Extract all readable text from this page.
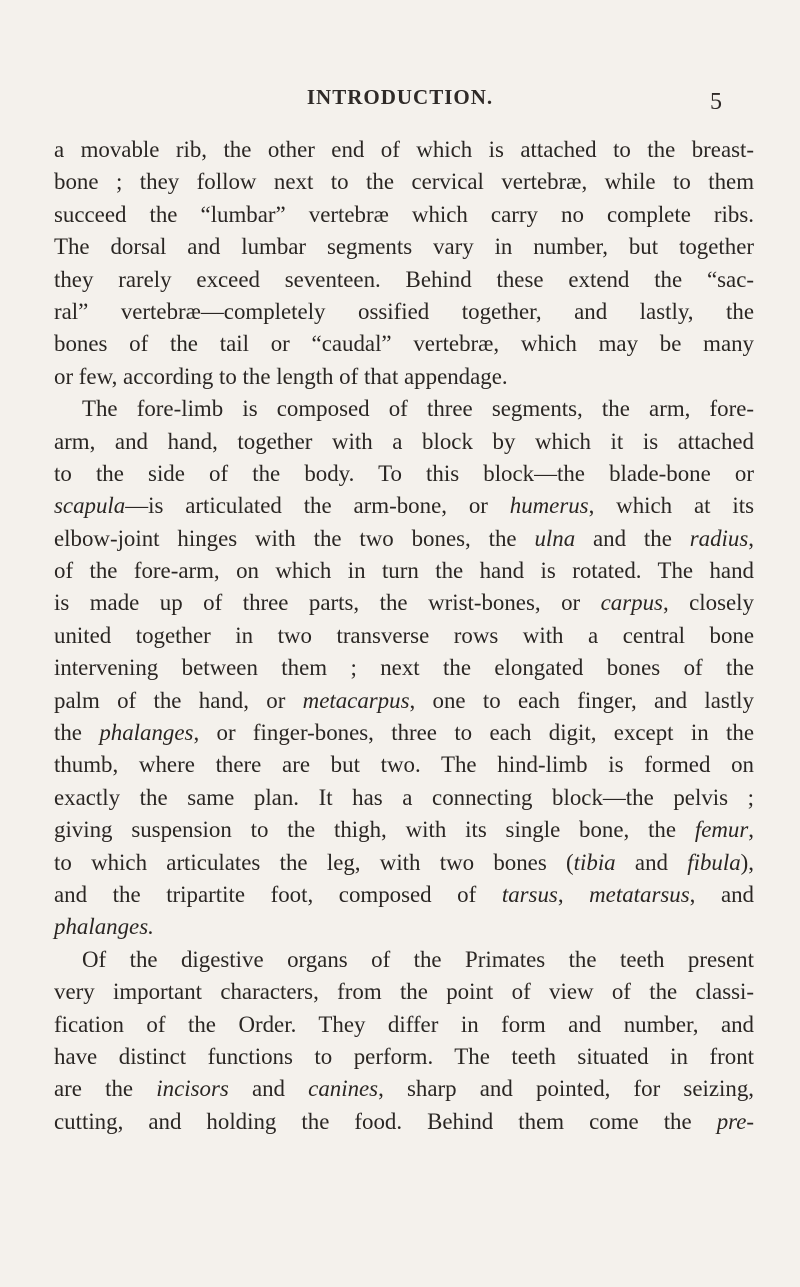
INTRODUCTION.	5
a movable rib, the other end of which is attached to the breast-
bone ; they follow next to the cervical vertebræ, while to them
succeed the “lumbar” vertebræ which carry no complete ribs.
The dorsal and lumbar segments vary in number, but together
they rarely exceed seventeen. Behind these extend the “sac-
ral” vertebræ—completely ossified together, and lastly, the
bones of the tail or “caudal” vertebræ, which may be many
or few, according to the length of that appendage.
The fore-limb is composed of three segments, the arm, fore-
arm, and hand, together with a block by which it is attached
to the side of the body. To this block—the blade-bone or
scapula—is articulated the arm-bone, or humerus, which at its
elbow-joint hinges with the two bones, the ulna and the radius,
of the fore-arm, on which in turn the hand is rotated. The hand
is made up of three parts, the wrist-bones, or carpus, closely
united together in two transverse rows with a central bone
intervening between them ; next the elongated bones of the
palm of the hand, or metacarpus, one to each finger, and lastly
the phalanges, or finger-bones, three to each digit, except in the
thumb, where there are but two. The hind-limb is formed on
exactly the same plan. It has a connecting block—the pelvis ;
giving suspension to the thigh, with its single bone, the femur,
to which articulates the leg, with two bones (tibia and fibula),
and the tripartite foot, composed of tarsus, metatarsus, and
phalanges.
Of the digestive organs of the Primates the teeth present
very important characters, from the point of view of the classi-
fication of the Order. They differ in form and number, and
have distinct functions to perform. The teeth situated in front
are the incisors and canines, sharp and pointed, for seizing,
cutting, and holding the food. Behind them come the pre-
